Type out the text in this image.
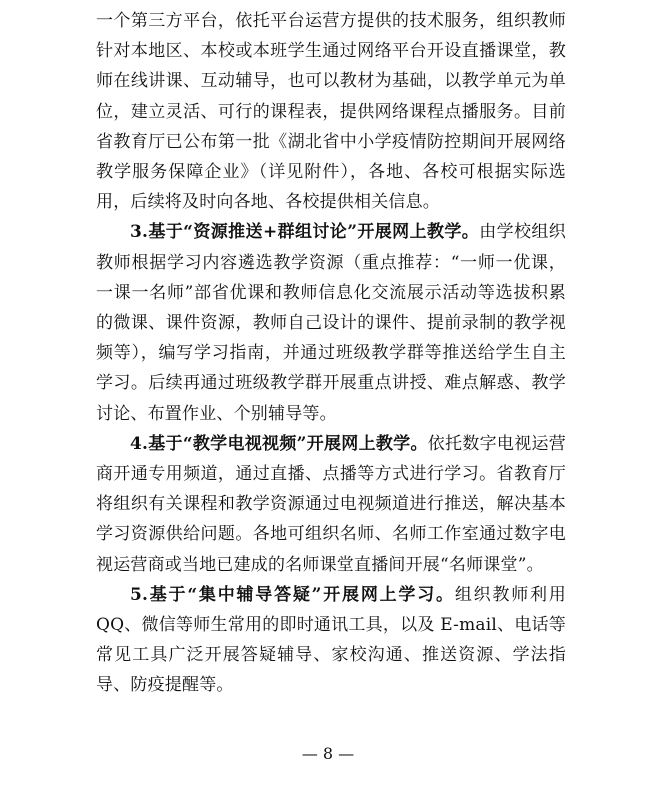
一个第三方平台，依托平台运营方提供的技术服务，组织教师针对本地区、本校或本班学生通过网络平台开设直播课堂，教师在线讲课、互动辅导，也可以教材为基础，以教学单元为单位，建立灵活、可行的课程表，提供网络课程点播服务。目前省教育厅已公布第一批《湖北省中小学疫情防控期间开展网络教学服务保障企业》（详见附件），各地、各校可根据实际选用，后续将及时向各地、各校提供相关信息。

3.基于“资源推送+群组讨论”开展网上教学。由学校组织教师根据学习内容遴选教学资源（重点推荐：“一师一优课，一课一名师”部省优课和教师信息化交流展示活动等选拔积累的微课、课件资源，教师自己设计的课件、提前录制的教学视频等），编写学习指南，并通过班级教学群等推送给学生自主学习。后续再通过班级教学群开展重点讲授、难点解惑、教学讨论、布置作业、个别辅导等。

4.基于“教学电视视频”开展网上教学。依托数字电视运营商开通专用频道，通过直播、点播等方式进行学习。省教育厅将组织有关课程和教学资源通过电视频道进行推送，解决基本学习资源供给问题。各地可组织名师、名师工作室通过数字电视运营商或当地已建成的名师课堂直播间开展“名师课堂”。

5.基于“集中辅导答疑”开展网上学习。组织教师利用QQ、微信等师生常用的即时通讯工具，以及 E-mail、电话等常见工具广泛开展答疑辅导、家校沟通、推送资源、学法指导、防疫提醒等。

— 8 —
